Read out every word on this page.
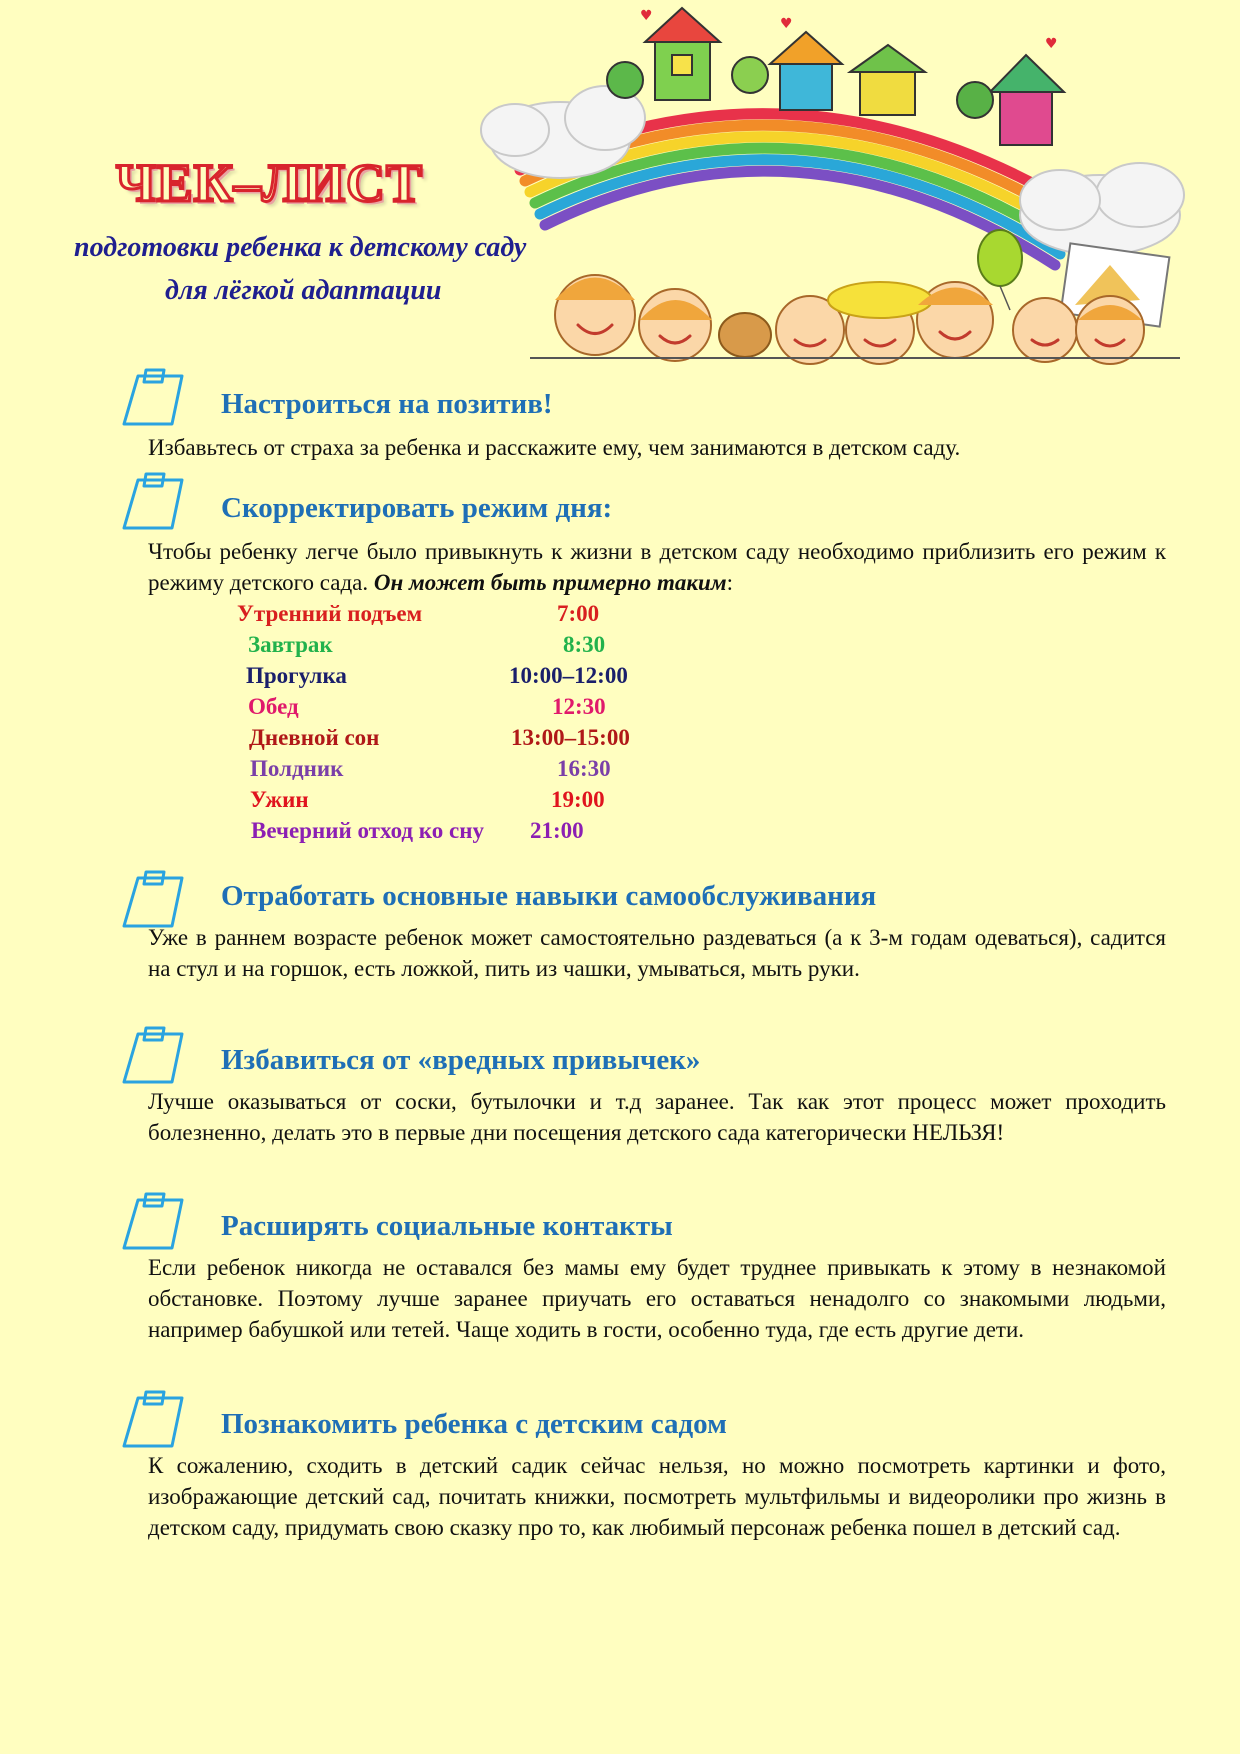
♥	♥
♥
ЧЕК–ЛИСТ
подготовки ребенка к детскому саду
для лёгкой адаптации
Настроиться на позитив!
Избавьтесь от страха за ребенка и расскажите ему, чем занимаются в детском саду.
Скорректировать режим дня:
Чтобы ребенку легче было привыкнуть к жизни в детском саду необходимо приблизить его режим к режиму детского сада. Он может быть примерно таким:
Утренний подъем	7:00
Завтрак	8:30
Прогулка	10:00–12:00
Обед	12:30
Дневной сон	13:00–15:00
Полдник	16:30
Ужин	19:00
Вечерний отход ко сну 21:00
Отработать основные навыки самообслуживания
Уже в раннем возрасте ребенок может самостоятельно раздеваться (а к 3-м годам одеваться), садится на стул и на горшок, есть ложкой, пить из чашки, умываться, мыть руки.
Избавиться от «вредных привычек»
Лучше оказываться от соски, бутылочки и т.д заранее. Так как этот процесс может проходить болезненно, делать это в первые дни посещения детского сада категорически НЕЛЬЗЯ!
Расширять социальные контакты
Если ребенок никогда не оставался без мамы ему будет труднее привыкать к этому в незнакомой обстановке. Поэтому лучше заранее приучать его оставаться ненадолго со знакомыми людьми, например бабушкой или тетей. Чаще ходить в гости, особенно туда, где есть другие дети.
Познакомить ребенка с детским садом
К сожалению, сходить в детский садик сейчас нельзя, но можно посмотреть картинки и фото, изображающие детский сад, почитать книжки, посмотреть мультфильмы и видеоролики про жизнь в детском саду, придумать свою сказку про то, как любимый персонаж ребенка пошел в детский сад.
